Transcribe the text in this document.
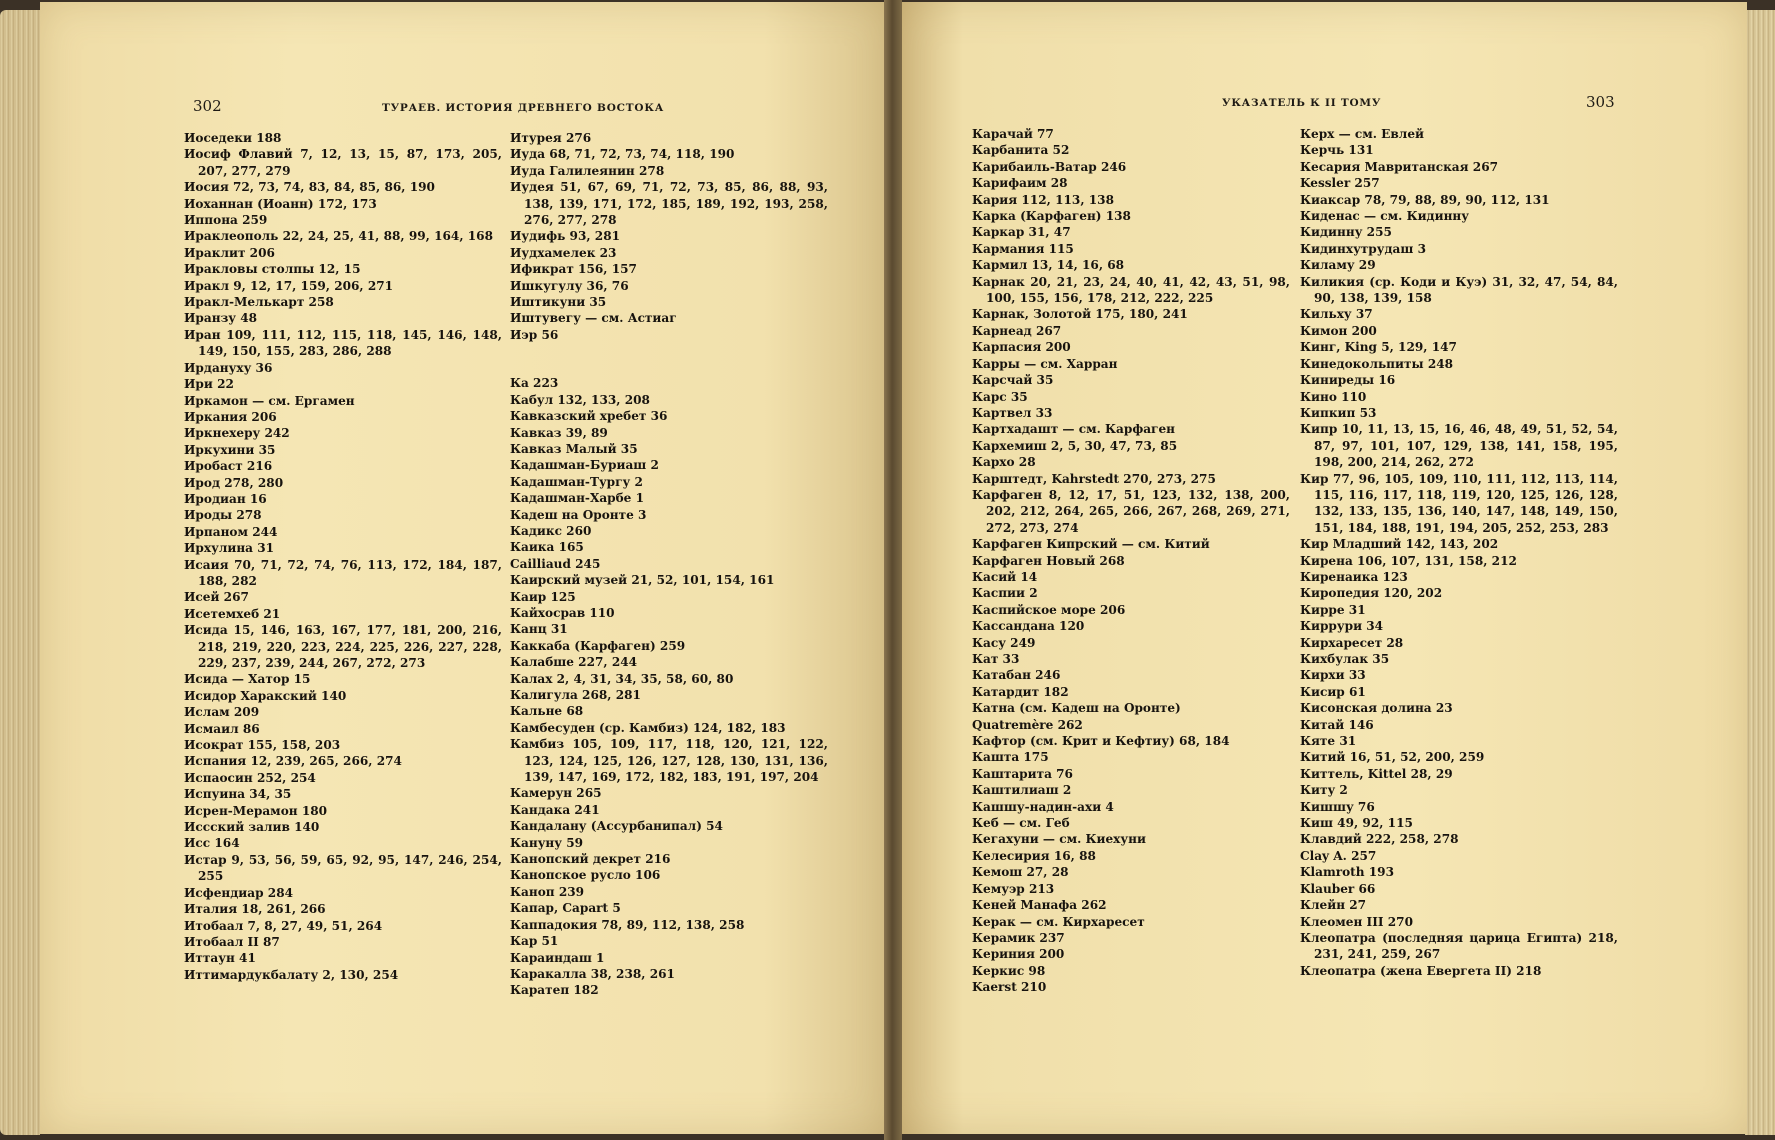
302	ТУРАЕВ. ИСТОРИЯ ДРЕВНЕГО ВОСТОКА	303
УКАЗАТЕЛЬ К II ТОМУ

Иоседеки 188

Иосиф Флавий 7, 12, 13, 15, 87, 173, 205, 207, 277, 279

Иосия 72, 73, 74, 83, 84, 85, 86, 190

Иоханнан (Иоанн) 172, 173

Иппона 259

Ираклеополь 22, 24, 25, 41, 88, 99, 164, 168

Ираклит 206

Иракловы столпы 12, 15

Иракл 9, 12, 17, 159, 206, 271

Иракл-Мелькарт 258

Иранзу 48

Иран 109, 111, 112, 115, 118, 145, 146, 148, 149, 150, 155, 283, 286, 288

Ирдануху 36

Ири 22

Иркамон — см. Ергамен

Иркания 206

Иркнехеру 242

Иркухини 35

Иробаст 216

Ирод 278, 280

Иродиан 16

Ироды 278

Ирпаном 244

Ирхулина 31

Исаия 70, 71, 72, 74, 76, 113, 172, 184, 187, 188, 282

Исей 267

Исетемхеб 21

Исида 15, 146, 163, 167, 177, 181, 200, 216, 218, 219, 220, 223, 224, 225, 226, 227, 228, 229, 237, 239, 244, 267, 272, 273

Исида — Хатор 15

Исидор Харакский 140

Ислам 209

Исмаил 86

Исократ 155, 158, 203

Испания 12, 239, 265, 266, 274

Испаосин 252, 254

Испуина 34, 35

Исрен-Мерамон 180

Иссский залив 140

Исс 164

Истар 9, 53, 56, 59, 65, 92, 95, 147, 246, 254, 255

Исфендиар 284

Италия 18, 261, 266

Итобаал 7, 8, 27, 49, 51, 264

Итобаал II 87

Иттаун 41

Иттимардукбалату 2, 130, 254

Итурея 276

Иуда 68, 71, 72, 73, 74, 118, 190

Иуда Галилеянин 278

Иудея 51, 67, 69, 71, 72, 73, 85, 86, 88, 93, 138, 139, 171, 172, 185, 189, 192, 193, 258, 276, 277, 278

Иудифь 93, 281

Иудхамелек 23

Ификрат 156, 157

Ишкугулу 36, 76

Иштикуни 35

Иштувегу — см. Астиаг

Иэр 56

Ка 223

Кабул 132, 133, 208

Кавказский хребет 36

Кавказ 39, 89

Кавказ Малый 35

Кадашман-Буриаш 2

Кадашман-Тургу 2

Кадашман-Харбе 1

Кадеш на Оронте 3

Кадикс 260

Каика 165

Cailliaud 245

Каирский музей 21, 52, 101, 154, 161

Каир 125

Кайхосрав 110

Канц 31

Каккаба (Карфаген) 259

Калабше 227, 244

Калах 2, 4, 31, 34, 35, 58, 60, 80

Калигула 268, 281

Кальне 68

Камбесуден (ср. Камбиз) 124, 182, 183

Камбиз 105, 109, 117, 118, 120, 121, 122, 123, 124, 125, 126, 127, 128, 130, 131, 136, 139, 147, 169, 172, 182, 183, 191, 197, 204

Камерун 265

Кандака 241

Кандалану (Ассурбанипал) 54

Кануну 59

Канопский декрет 216

Канопское русло 106

Каноп 239

Капар, Capart 5

Каппадокия 78, 89, 112, 138, 258

Кар 51

Караиндаш 1

Каракалла 38, 238, 261

Каратеп 182

Карачай 77

Карбанита 52

Карибаиль-Ватар 246

Карифаим 28

Кария 112, 113, 138

Карка (Карфаген) 138

Каркар 31, 47

Кармания 115

Кармил 13, 14, 16, 68

Карнак 20, 21, 23, 24, 40, 41, 42, 43, 51, 98, 100, 155, 156, 178, 212, 222, 225

Карнак, Золотой 175, 180, 241

Карнеад 267

Карпасия 200

Карры — см. Харран

Карсчай 35

Карс 35

Картвел 33

Картхадашт — см. Карфаген

Кархемиш 2, 5, 30, 47, 73, 85

Кархо 28

Карштедт, Kahrstedt 270, 273, 275

Карфаген 8, 12, 17, 51, 123, 132, 138, 200, 202, 212, 264, 265, 266, 267, 268, 269, 271, 272, 273, 274

Карфаген Кипрский — см. Китий

Карфаген Новый 268

Касий 14

Каспии 2

Каспийское море 206

Кассандана 120

Касу 249

Кат 33

Катабан 246

Катардит 182

Катна (см. Кадеш на Оронте)

Quatremère 262

Кафтор (см. Крит и Кефтиу) 68, 184

Кашта 175

Каштарита 76

Каштилиаш 2

Кашшу-надин-ахи 4

Кеб — см. Геб

Кегахуни — см. Киехуни

Келесирия 16, 88

Кемош 27, 28

Кемуэр 213

Кеней Манафа 262

Керак — см. Кирхаресет

Керамик 237

Кериния 200

Керкис 98

Kaerst 210

Керх — см. Евлей

Керчь 131

Кесария Мавританская 267

Kessler 257

Киаксар 78, 79, 88, 89, 90, 112, 131

Киденас — см. Кидинну

Кидинну 255

Кидинхутрудаш 3

Киламу 29

Киликия (ср. Коди и Куэ) 31, 32, 47, 54, 84, 90, 138, 139, 158

Кильху 37

Кимон 200

Кинг, King 5, 129, 147

Кинедокольпиты 248

Киниреды 16

Кино 110

Кипкип 53

Кипр 10, 11, 13, 15, 16, 46, 48, 49, 51, 52, 54, 87, 97, 101, 107, 129, 138, 141, 158, 195, 198, 200, 214, 262, 272

Кир 77, 96, 105, 109, 110, 111, 112, 113, 114, 115, 116, 117, 118, 119, 120, 125, 126, 128, 132, 133, 135, 136, 140, 147, 148, 149, 150, 151, 184, 188, 191, 194, 205, 252, 253, 283

Кир Младший 142, 143, 202

Кирена 106, 107, 131, 158, 212

Киренаика 123

Киропедия 120, 202

Кирре 31

Киррури 34

Кирхаресет 28

Кихбулак 35

Кирхи 33

Кисир 61

Кисонская долина 23

Китай 146

Кяте 31

Китий 16, 51, 52, 200, 259

Киттель, Kittel 28, 29

Киту 2

Кишшу 76

Киш 49, 92, 115

Клавдий 222, 258, 278

Clay A. 257

Klamroth 193

Klauber 66

Клейн 27

Клеомен III 270

Клеопатра (последняя царица Египта) 218, 231, 241, 259, 267

Клеопатра (жена Евергета II) 218
